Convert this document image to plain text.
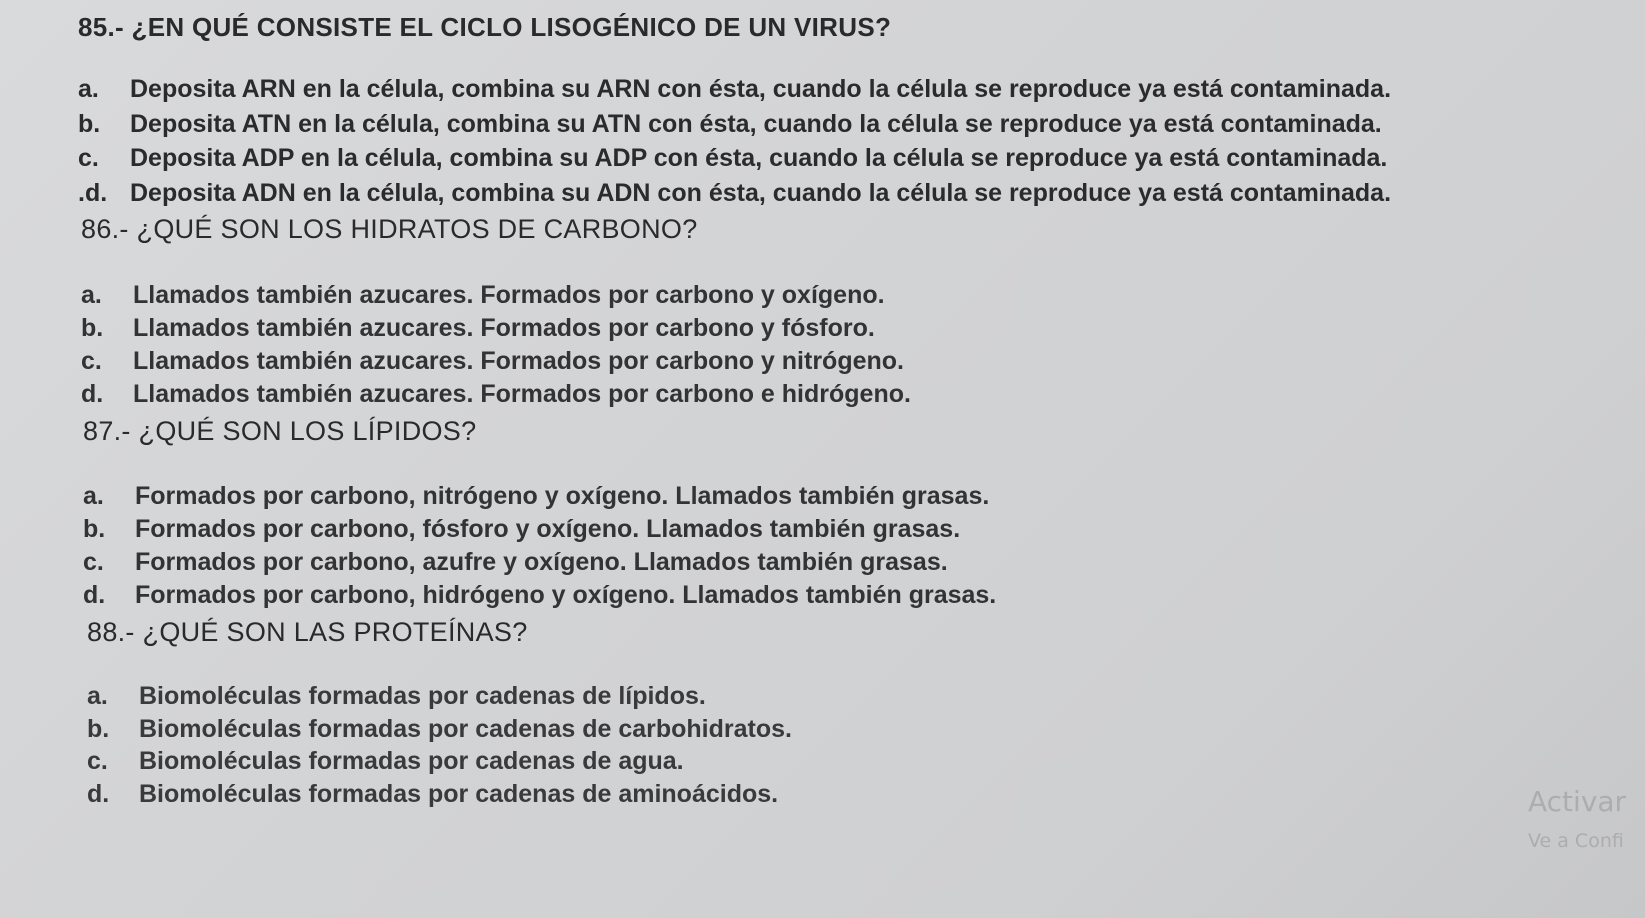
85.- ¿EN QUÉ CONSISTE EL CICLO LISOGÉNICO DE UN VIRUS?
a.	Deposita ARN en la célula, combina su ARN con ésta, cuando la célula se reproduce ya está contaminada.
b.	Deposita ATN en la célula, combina su ATN con ésta, cuando la célula se reproduce ya está contaminada.
c.	Deposita ADP en la célula, combina su ADP con ésta, cuando la célula se reproduce ya está contaminada.
.d. Deposita ADN en la célula, combina su ADN con ésta, cuando la célula se reproduce ya está contaminada.
86.- ¿QUÉ SON LOS HIDRATOS DE CARBONO?
a.	Llamados también azucares. Formados por carbono y oxígeno.
b.	Llamados también azucares. Formados por carbono y fósforo.
c.	Llamados también azucares. Formados por carbono y nitrógeno.
d.	Llamados también azucares. Formados por carbono e hidrógeno.
87.- ¿QUÉ SON LOS LÍPIDOS?
a.	Formados por carbono, nitrógeno y oxígeno. Llamados también grasas.
b.	Formados por carbono, fósforo y oxígeno. Llamados también grasas.
c.	Formados por carbono, azufre y oxígeno. Llamados también grasas.
d.	Formados por carbono, hidrógeno y oxígeno. Llamados también grasas.
88.- ¿QUÉ SON LAS PROTEÍNAS?
a.	Biomoléculas formadas por cadenas de lípidos.
b.	Biomoléculas formadas por cadenas de carbohidratos.
c.	Biomoléculas formadas por cadenas de agua.
d.	Biomoléculas formadas por cadenas de aminoácidos.	Activar
Ve a Confi
